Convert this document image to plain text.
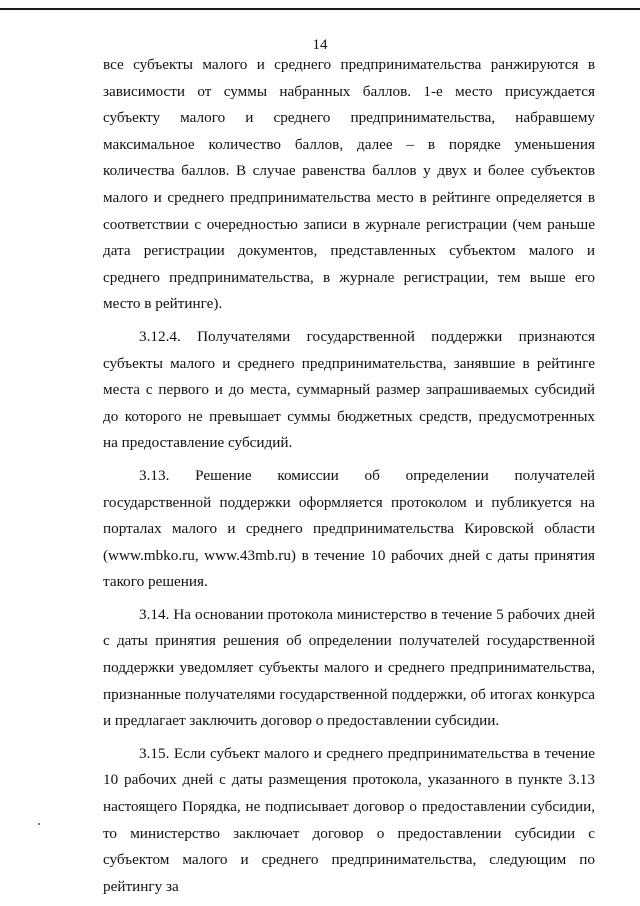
14

все субъекты малого и среднего предпринимательства ранжируются в зависимости от суммы набранных баллов. 1-е место присуждается субъекту малого и среднего предпринимательства, набравшему максимальное количество баллов, далее – в порядке уменьшения количества баллов. В случае равенства баллов у двух и более субъектов малого и среднего предпринимательства место в рейтинге определяется в соответствии с очередностью записи в журнале регистрации (чем раньше дата регистрации документов, представленных субъектом малого и среднего предпринимательства, в журнале регистрации, тем выше его место в рейтинге).

3.12.4. Получателями государственной поддержки признаются субъекты малого и среднего предпринимательства, занявшие в рейтинге места с первого и до места, суммарный размер запрашиваемых субсидий до которого не превышает суммы бюджетных средств, предусмотренных на предоставление субсидий.

3.13. Решение комиссии об определении получателей государственной поддержки оформляется протоколом и публикуется на порталах малого и среднего предпринимательства Кировской области (www.mbko.ru, www.43mb.ru) в течение 10 рабочих дней с даты принятия такого решения.

3.14. На основании протокола министерство в течение 5 рабочих дней с даты принятия решения об определении получателей государственной поддержки уведомляет субъекты малого и среднего предпринимательства, признанные получателями государственной поддержки, об итогах конкурса и предлагает заключить договор о предоставлении субсидии.

3.15. Если субъект малого и среднего предпринимательства в течение 10 рабочих дней с даты размещения протокола, указанного в пункте 3.13 настоящего Порядка, не подписывает договор о предоставлении субсидии, то министерство заключает договор о предоставлении субсидии с субъектом малого и среднего предпринимательства, следующим по рейтингу за
